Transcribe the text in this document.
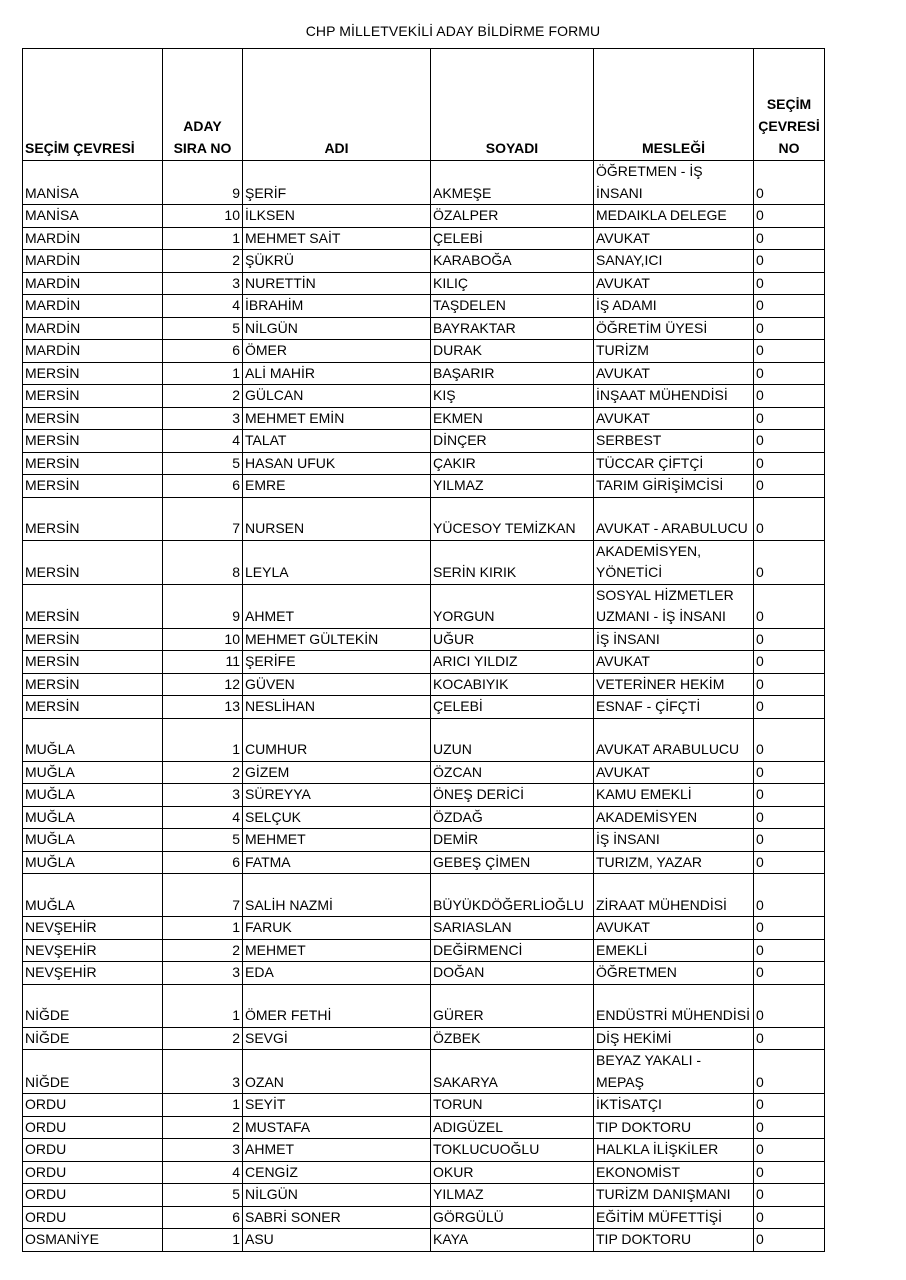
CHP MİLLETVEKİLİ ADAY BİLDİRME FORMU
SEÇİM ÇEVRESİ	ADAY SIRA NO	ADI	SOYADI	MESLEĞİ	SEÇİM ÇEVRESİ NO
MANİSA	9	ŞERİF	AKMEŞE	ÖĞRETMEN - İŞ İNSANI	0
MANİSA	10	İLKSEN	ÖZALPER	MEDAIKLA DELEGE	0
MARDİN	1	MEHMET SAİT	ÇELEBİ	AVUKAT	0
MARDİN	2	ŞÜKRÜ	KARABOĞA	SANAY,ICI	0
MARDİN	3	NURETTİN	KILIÇ	AVUKAT	0
MARDİN	4	İBRAHİM	TAŞDELEN	İŞ ADAMI	0
MARDİN	5	NİLGÜN	BAYRAKTAR	ÖĞRETİM ÜYESİ	0
MARDİN	6	ÖMER	DURAK	TURİZM	0
MERSİN	1	ALİ MAHİR	BAŞARIR	AVUKAT	0
MERSİN	2	GÜLCAN	KIŞ	İNŞAAT MÜHENDİSİ	0
MERSİN	3	MEHMET EMİN	EKMEN	AVUKAT	0
MERSİN	4	TALAT	DİNÇER	SERBEST	0
MERSİN	5	HASAN UFUK	ÇAKIR	TÜCCAR ÇİFTÇİ	0
MERSİN	6	EMRE	YILMAZ	TARIM GİRİŞİMCİSİ	0
MERSİN	7	NURSEN	YÜCESOY TEMİZKAN	AVUKAT - ARABULUCU	0
MERSİN	8	LEYLA	SERİN KIRIK	AKADEMİSYEN, YÖNETİCİ	0
MERSİN	9	AHMET	YORGUN	SOSYAL HİZMETLER UZMANI - İŞ İNSANI	0
MERSİN	10	MEHMET GÜLTEKİN	UĞUR	İŞ İNSANI	0
MERSİN	11	ŞERİFE	ARICI YILDIZ	AVUKAT	0
MERSİN	12	GÜVEN	KOCABIYIK	VETERİNER HEKİM	0
MERSİN	13	NESLİHAN	ÇELEBİ	ESNAF - ÇİFÇTİ	0
MUĞLA	1	CUMHUR	UZUN	AVUKAT ARABULUCU	0
MUĞLA	2	GİZEM	ÖZCAN	AVUKAT	0
MUĞLA	3	SÜREYYA	ÖNEŞ DERİCİ	KAMU EMEKLİ	0
MUĞLA	4	SELÇUK	ÖZDAĞ	AKADEMİSYEN	0
MUĞLA	5	MEHMET	DEMİR	İŞ İNSANI	0
MUĞLA	6	FATMA	GEBEŞ ÇİMEN	TURIZM, YAZAR	0
MUĞLA	7	SALİH NAZMİ	BÜYÜKDÖĞERLİOĞLU	ZİRAAT MÜHENDİSİ	0
NEVŞEHİR	1	FARUK	SARIASLAN	AVUKAT	0
NEVŞEHİR	2	MEHMET	DEĞİRMENCİ	EMEKLİ	0
NEVŞEHİR	3	EDA	DOĞAN	ÖĞRETMEN	0
NİĞDE	1	ÖMER FETHİ	GÜRER	ENDÜSTRİ MÜHENDİSİ	0
NİĞDE	2	SEVGİ	ÖZBEK	DİŞ HEKİMİ	0
NİĞDE	3	OZAN	SAKARYA	BEYAZ YAKALI - MEPAŞ	0
ORDU	1	SEYİT	TORUN	İKTİSATÇI	0
ORDU	2	MUSTAFA	ADIGÜZEL	TIP DOKTORU	0
ORDU	3	AHMET	TOKLUCUOĞLU	HALKLA İLİŞKİLER	0
ORDU	4	CENGİZ	OKUR	EKONOMİST	0
ORDU	5	NİLGÜN	YILMAZ	TURİZM DANIŞMANI	0
ORDU	6	SABRİ SONER	GÖRGÜLÜ	EĞİTİM MÜFETTİŞİ	0
OSMANİYE	1	ASU	KAYA	TIP DOKTORU	0
